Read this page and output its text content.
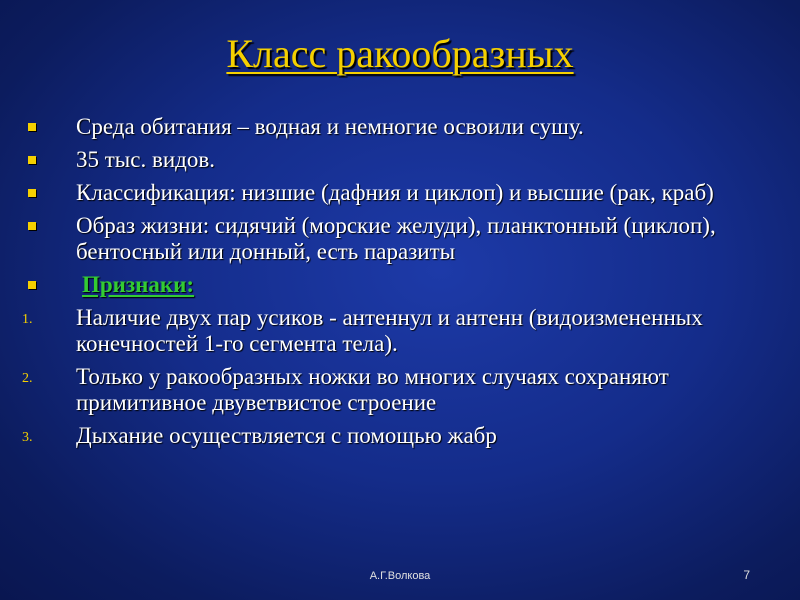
Класс ракообразных
Среда обитания – водная и немногие освоили сушу.
35 тыс. видов.
Классификация: низшие (дафния и циклоп) и высшие (рак, краб)
Образ жизни: сидячий (морские желуди), планктонный (циклоп), бентосный или донный, есть паразиты
Признаки:
1. Наличие двух пар усиков - антеннул и антенн (видоизмененных конечностей 1-го сегмента тела).
2. Только у ракообразных ножки во многих случаях сохраняют примитивное двуветвистое строение
3. Дыхание осуществляется с помощью жабр
А.Г.Волкова	7
